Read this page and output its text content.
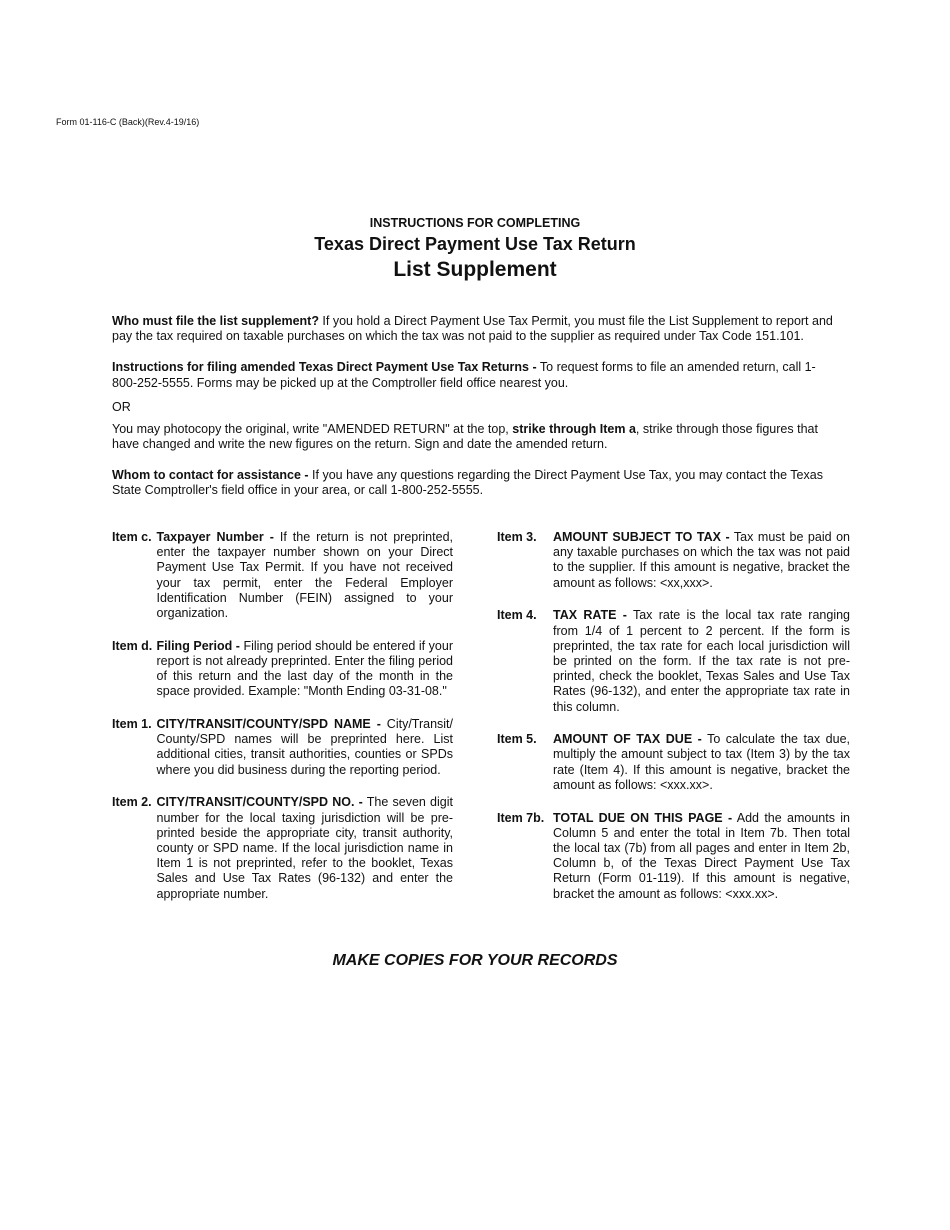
Form 01-116-C (Back)(Rev.4-19/16)
INSTRUCTIONS FOR COMPLETING
Texas Direct Payment Use Tax Return
List Supplement

Who must file the list supplement? If you hold a Direct Payment Use Tax Permit, you must file the List Supplement to report and pay the tax required on taxable purchases on which the tax was not paid to the supplier as required under Tax Code 151.101.

Instructions for filing amended Texas Direct Payment Use Tax Returns - To request forms to file an amended return, call 1-800-252-5555. Forms may be picked up at the Comptroller field office nearest you.

OR

You may photocopy the original, write "AMENDED RETURN" at the top, strike through Item a, strike through those figures that have changed and write the new figures on the return. Sign and date the amended return.

Whom to contact for assistance - If you have any questions regarding the Direct Payment Use Tax, you may contact the Texas State Comptroller's field office in your area, or call 1-800-252-5555.

Item c. Taxpayer Number - If the return is not preprinted, enter the taxpayer number shown on your Direct Payment Use Tax Permit. If you have not received your tax permit, enter the Federal Employer Identification Number (FEIN) assigned to your organization.
Item d. Filing Period - Filing period should be entered if your report is not already preprinted. Enter the filing period of this return and the last day of the month in the space provided. Example: "Month Ending 03-31-08."
Item 1. CITY/TRANSIT/COUNTY/SPD NAME - City/Transit/ County/SPD names will be preprinted here. List additional cities, transit authorities, counties or SPDs where you did business during the reporting period.
Item 2. CITY/TRANSIT/COUNTY/SPD NO. - The seven digit number for the local taxing jurisdiction will be pre-printed beside the appropriate city, transit authority, county or SPD name. If the local jurisdiction name in Item 1 is not preprinted, refer to the booklet, Texas Sales and Use Tax Rates (96-132) and enter the appropriate number.
Item 3.	AMOUNT SUBJECT TO TAX - Tax must be paid on any taxable purchases on which the tax was not paid to the supplier. If this amount is negative, bracket the amount as follows: <xx,xxx>.
Item 4.	TAX RATE - Tax rate is the local tax rate ranging from 1/4 of 1 percent to 2 percent. If the form is preprinted, the tax rate for each local jurisdiction will be printed on the form. If the tax rate is not pre-printed, check the booklet, Texas Sales and Use Tax Rates (96-132), and enter the appropriate tax rate in this column.
Item 5.	AMOUNT OF TAX DUE - To calculate the tax due, multiply the amount subject to tax (Item 3) by the tax rate (Item 4). If this amount is negative, bracket the amount as follows: <xxx.xx>.
Item 7b. TOTAL DUE ON THIS PAGE - Add the amounts in Column 5 and enter the total in Item 7b. Then total the local tax (7b) from all pages and enter in Item 2b, Column b, of the Texas Direct Payment Use Tax Return (Form 01-119). If this amount is negative, bracket the amount as follows: <xxx.xx>.
MAKE COPIES FOR YOUR RECORDS
